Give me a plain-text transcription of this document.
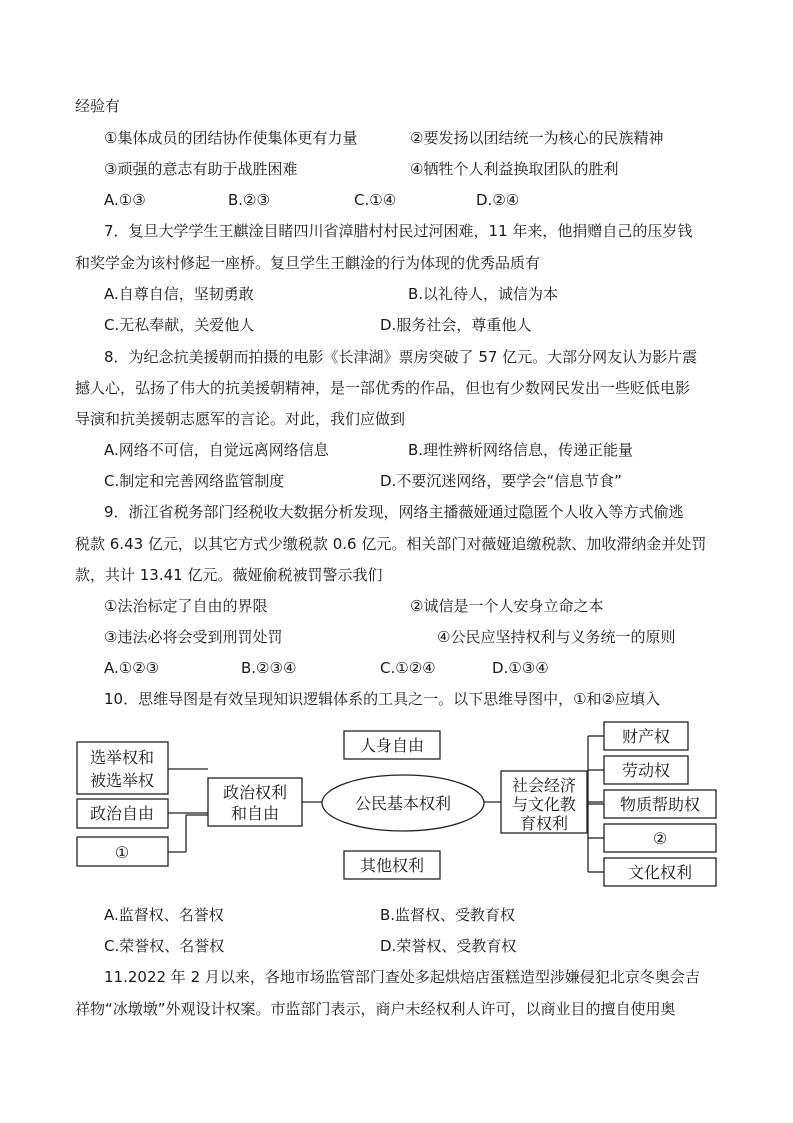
经验有
①集体成员的团结协作使集体更有力量	②要发扬以团结统一为核心的民族精神
③顽强的意志有助于战胜困难	④牺牲个人利益换取团队的胜利
A.①③	B.②③	C.①④	D.②④
7．复旦大学学生王麒淦目睹四川省漳腊村村民过河困难，11 年来，他捐赠自己的压岁钱
和奖学金为该村修起一座桥。复旦学生王麒淦的行为体现的优秀品质有
A.自尊自信，坚韧勇敢	B.以礼待人，诚信为本
C.无私奉献，关爱他人	D.服务社会，尊重他人
8．为纪念抗美援朝而拍摄的电影《长津湖》票房突破了 57 亿元。大部分网友认为影片震
撼人心，弘扬了伟大的抗美援朝精神，是一部优秀的作品，但也有少数网民发出一些贬低电影
导演和抗美援朝志愿军的言论。对此，我们应做到
A.网络不可信，自觉远离网络信息	B.理性辨析网络信息，传递正能量
C.制定和完善网络监管制度	D.不要沉迷网络，要学会“信息节食”
9．浙江省税务部门经税收大数据分析发现，网络主播薇娅通过隐匿个人收入等方式偷逃
税款 6.43 亿元，以其它方式少缴税款 0.6 亿元。相关部门对薇娅追缴税款、加收滞纳金并处罚
款，共计 13.41 亿元。薇娅偷税被罚警示我们
①法治标定了自由的界限	②诚信是一个人安身立命之本
③违法必将会受到刑罚处罚	④公民应坚持权利与义务统一的原则
A.①②③	B.②③④	C.①②④	D.①③④
10．思维导图是有效呈现知识逻辑体系的工具之一。以下思维导图中，①和②应填入
选举权和
被选举权
政治自由
①
政治权利
和自由
人身自由
其他权利
公民基本权利
社会经济
与文化教
育权利
财产权
劳动权
物质帮助权
②
文化权利
A.监督权、名誉权	B.监督权、受教育权
C.荣誉权、名誉权	D.荣誉权、受教育权
11.2022 年 2 月以来，各地市场监管部门查处多起烘焙店蛋糕造型涉嫌侵犯北京冬奥会吉
祥物“冰墩墩”外观设计权案。市监部门表示，商户未经权利人许可，以商业目的擅自使用奥
